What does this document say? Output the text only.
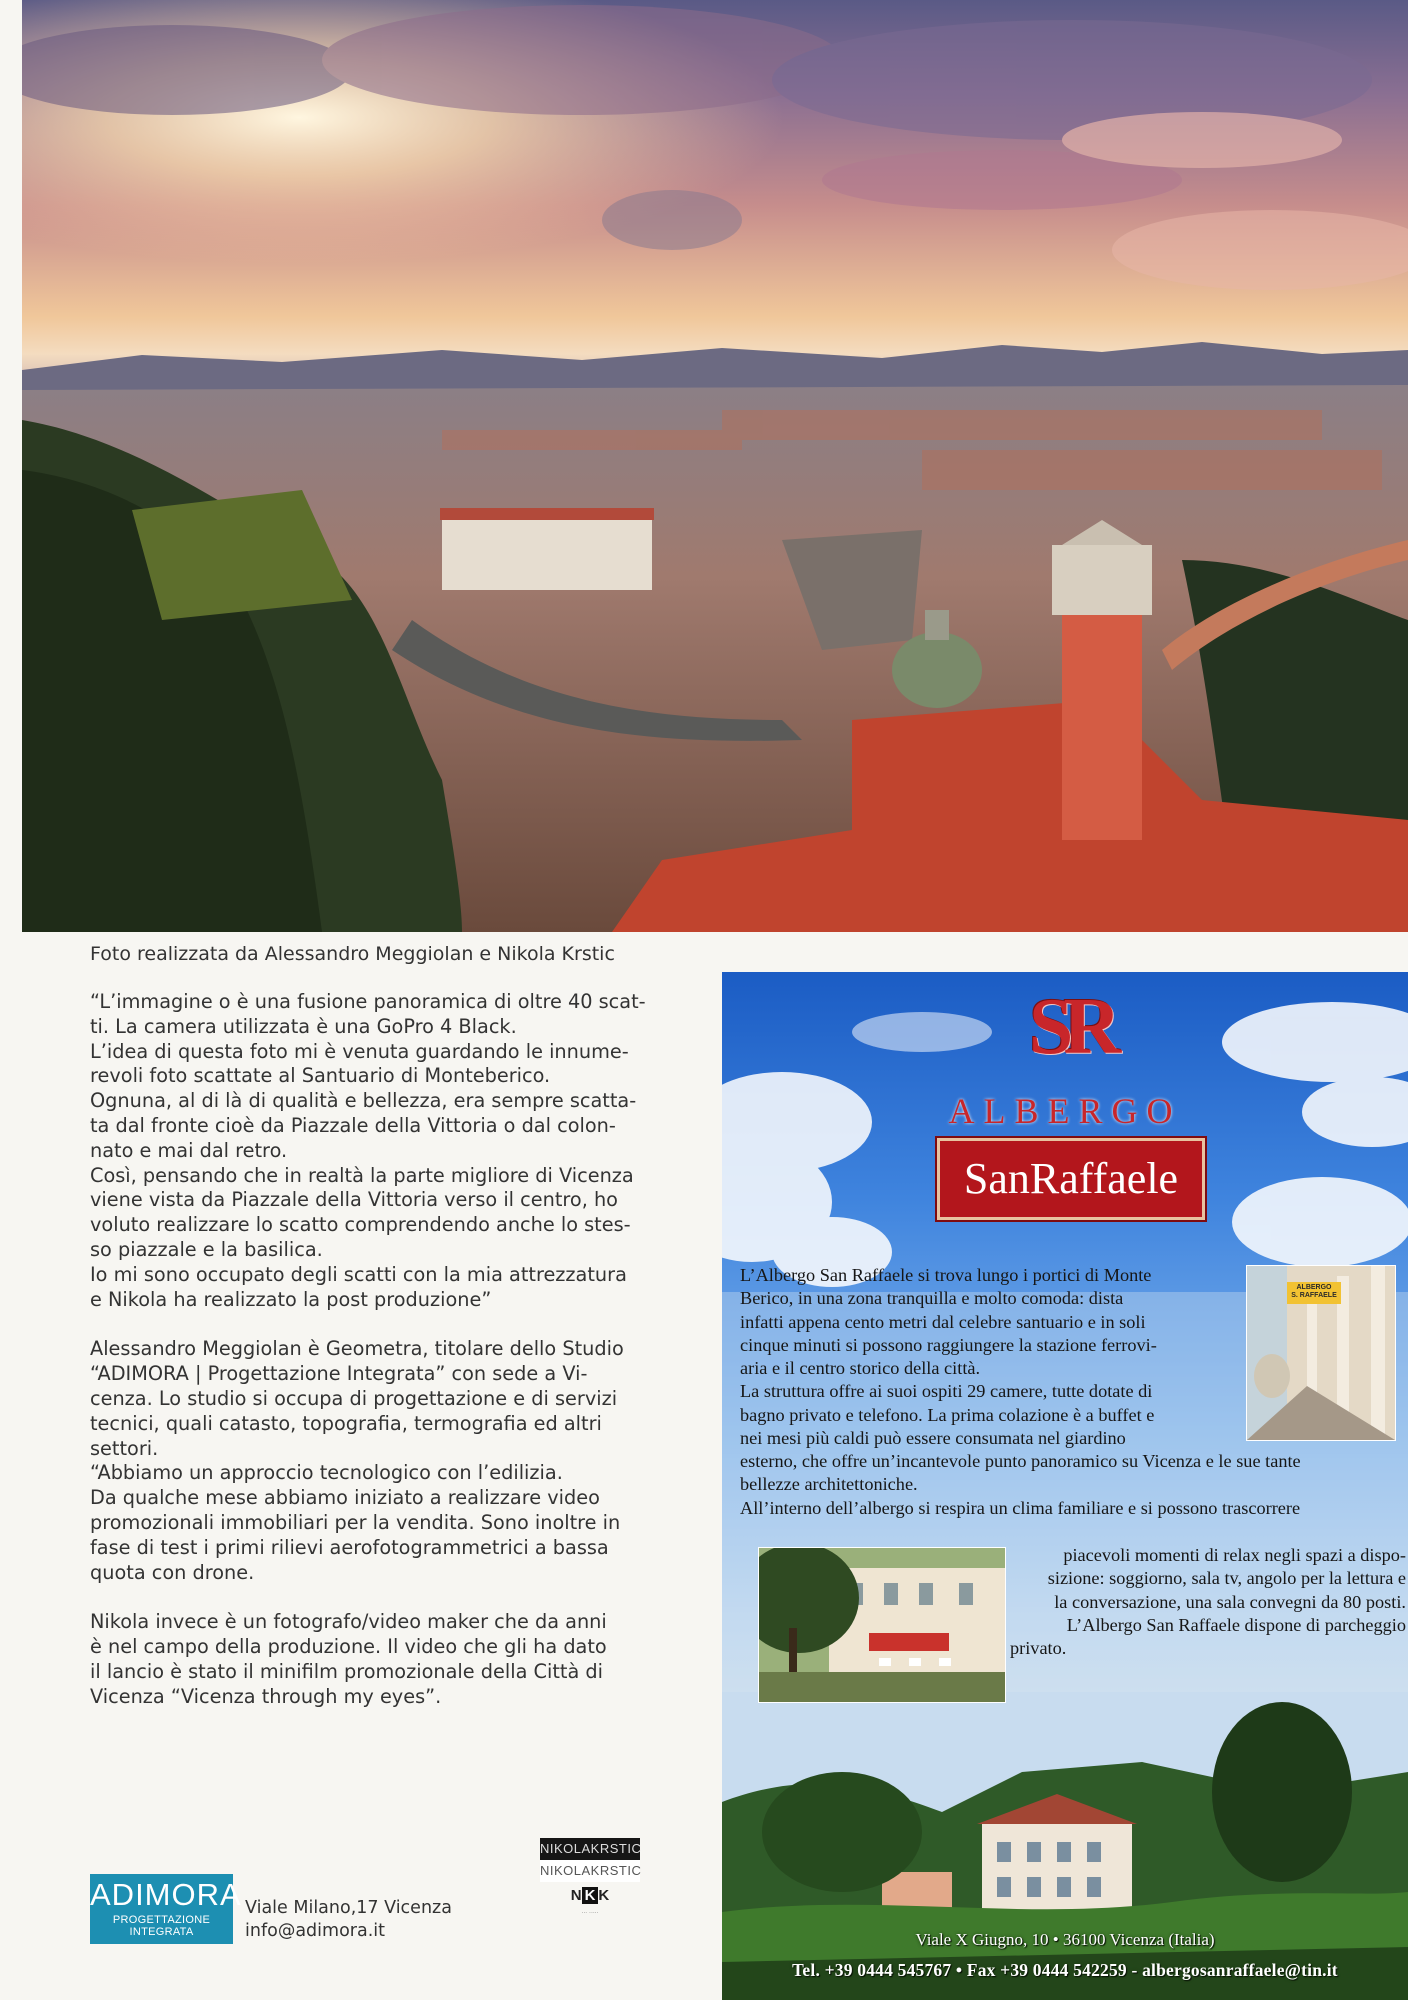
Foto realizzata da Alessandro Meggiolan e Nikola Krstic

“L’immagine o è una fusione panoramica di oltre 40 scat-
ti. La camera utilizzata è una GoPro 4 Black.
L’idea di questa foto mi è venuta guardando le innume-
revoli foto scattate al Santuario di Monteberico.
Ognuna, al di là di qualità e bellezza, era sempre scatta-
ta dal fronte cioè da Piazzale della Vittoria o dal colon-
nato e mai dal retro.
Così, pensando che in realtà la parte migliore di Vicenza
viene vista da Piazzale della Vittoria verso il centro, ho
voluto realizzare lo scatto comprendendo anche lo stes-
so piazzale e la basilica.
Io mi sono occupato degli scatti con la mia attrezzatura
e Nikola ha realizzato la post produzione”

Alessandro Meggiolan è Geometra, titolare dello Studio
“ADIMORA | Progettazione Integrata” con sede a Vi-
cenza. Lo studio si occupa di progettazione e di servizi
tecnici, quali catasto, topografia, termografia ed altri
settori.
“Abbiamo un approccio tecnologico con l’edilizia.
Da qualche mese abbiamo iniziato a realizzare video
promozionali immobiliari per la vendita. Sono inoltre in
fase di test i primi rilievi aerofotogrammetrici a bassa
quota con drone.

Nikola invece è un fotografo/video maker che da anni
è nel campo della produzione. Il video che gli ha dato
il lancio è stato il minifilm promozionale della Città di
Vicenza “Vicenza through my eyes”.

ADIMORA
PROGETTAZIONE INTEGRATA
Viale Milano,17 Vicenza
info@adimora.it
NIKOLAKRSTIC
NIKOLAKRSTIC
N K K
··· ·····
SR
ALBERGO
SanRaffaele
ALBERGO
S. RAFFAELE
L’Albergo San Raffaele si trova lungo i portici di Monte
Berico, in una zona tranquilla e molto comoda: dista
infatti appena cento metri dal celebre santuario e in soli
cinque minuti si possono raggiungere la stazione ferrovi-
aria e il centro storico della città.
La struttura offre ai suoi ospiti 29 camere, tutte dotate di
bagno privato e telefono. La prima colazione è a buffet e
nei mesi più caldi può essere consumata nel giardino
esterno, che offre un’incantevole punto panoramico su Vicenza e le sue tante
bellezze architettoniche.
All’interno dell’albergo si respira un clima familiare e si possono trascorrere
piacevoli momenti di relax negli spazi a dispo-
sizione: soggiorno, sala tv, angolo per la lettura e
la conversazione, una sala convegni da 80 posti.
L’Albergo San Raffaele dispone di parcheggio
privato.
Viale X Giugno, 10 • 36100 Vicenza (Italia)
Tel. +39 0444 545767 • Fax +39 0444 542259 - albergosanraffaele@tin.it
